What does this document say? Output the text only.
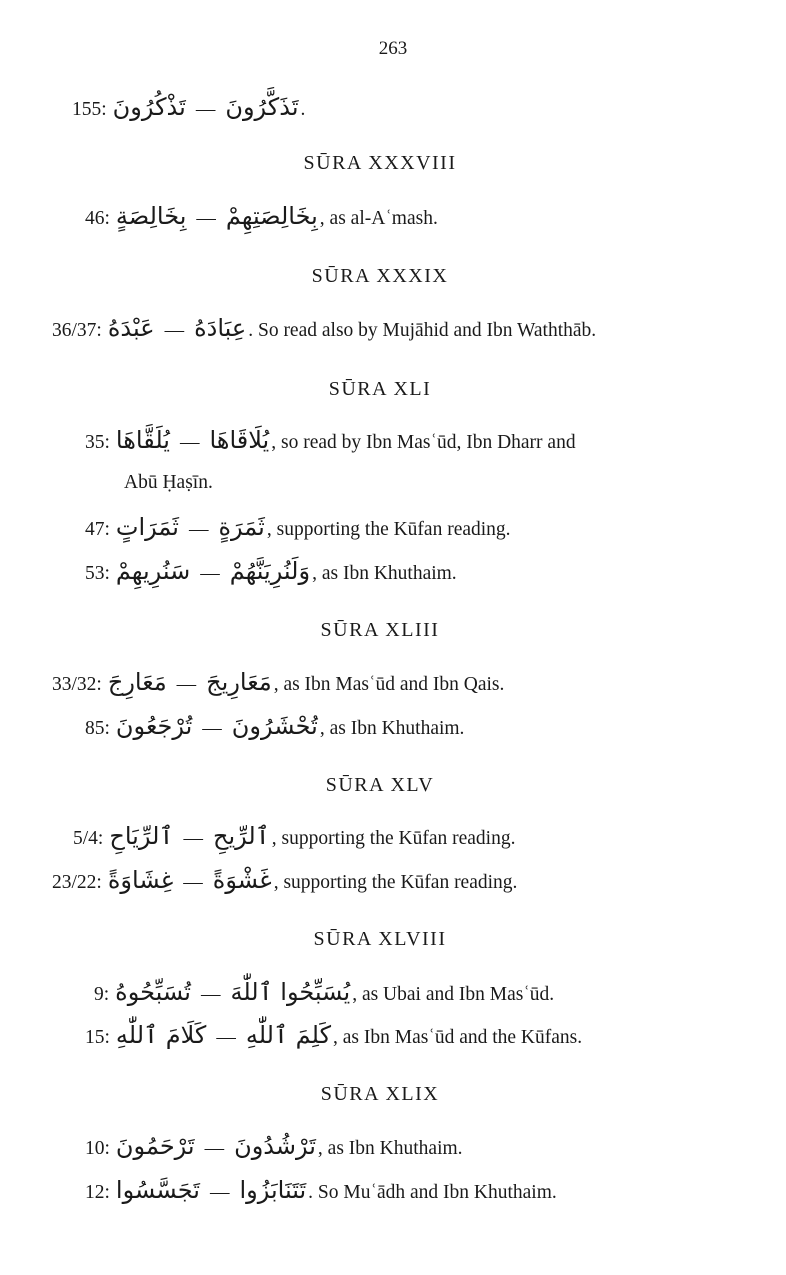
263
155: تَذْكُرُونَ — تَذَكَّرُونَ .
SŪRA XXXVIII
46: بِخَالِصَةٍ — بِخَالِصَتِهِمْ , as al-Aʿmash.
SŪRA XXXIX
36/37: عَبْدَهُ — عِبَادَهُ . So read also by Mujāhid and Ibn Waththāb.
SŪRA XLI
35: يُلَقَّاهَا — يُلَاقَاهَا , so read by Ibn Masʿūd, Ibn Dharr and
Abū Ḥaṣīn.
47: ثَمَرَاتٍ — ثَمَرَةٍ , supporting the Kūfan reading.
53: سَنُرِيهِمْ — وَلَنُرِيَنَّهُمْ , as Ibn Khuthaim.
SŪRA XLIII
33/32: مَعَارِجَ — مَعَارِيجَ , as Ibn Masʿūd and Ibn Qais.
85: تُرْجَعُونَ — تُحْشَرُونَ , as Ibn Khuthaim.
SŪRA XLV
5/4: ٱلرِّيَاحِ — ٱلرِّيحِ , supporting the Kūfan reading.
23/22: غِشَاوَةً — غَشْوَةً , supporting the Kūfan reading.
SŪRA XLVIII
9: تُسَبِّحُوهُ — يُسَبِّحُوا ٱللّٰهَ , as Ubai and Ibn Masʿūd.
15: كَلَامَ ٱللّٰهِ — كَلِمَ ٱللّٰهِ , as Ibn Masʿūd and the Kūfans.
SŪRA XLIX
10: تَرْحَمُونَ — تَرْشُدُونَ , as Ibn Khuthaim.
12: تَجَسَّسُوا — تَتَنَابَزُوا . So Muʿādh and Ibn Khuthaim.
